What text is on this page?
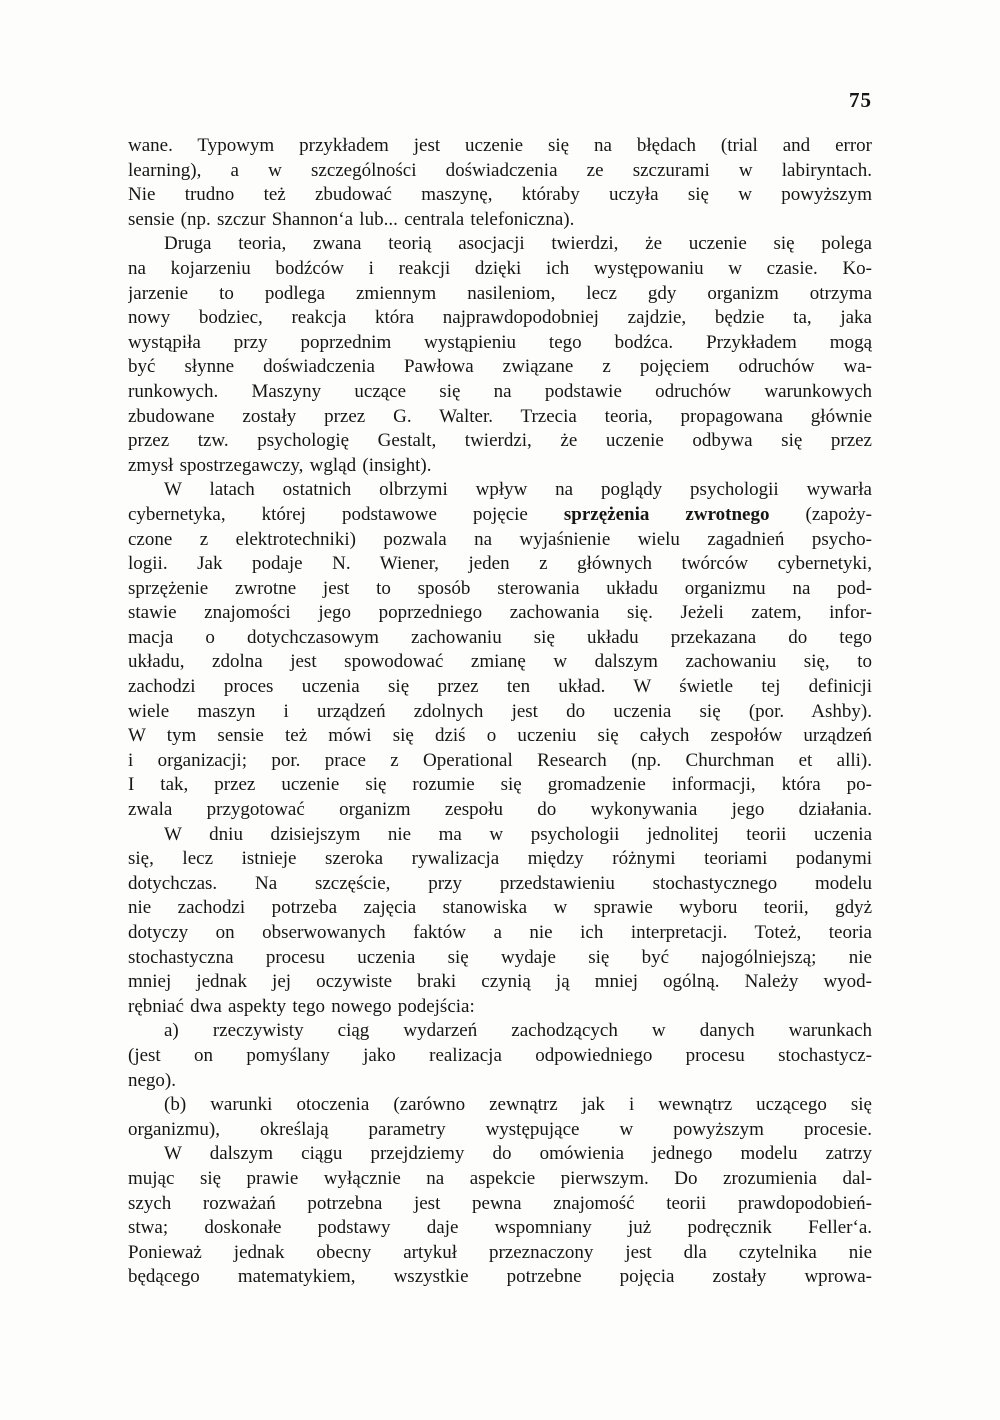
75
wane. Typowym przykładem jest uczenie się na błędach (trial and error
learning), a w szczególności doświadczenia ze szczurami w labiryntach.
Nie trudno też zbudować maszynę, któraby uczyła się w powyższym
sensie (np. szczur Shannon‘a lub... centrala telefoniczna).
Druga teoria, zwana teorią asocjacji twierdzi, że uczenie się polega
na kojarzeniu bodźców i reakcji dzięki ich występowaniu w czasie. Ko-
jarzenie to podlega zmiennym nasileniom, lecz gdy organizm otrzyma
nowy bodziec, reakcja która najprawdopodobniej zajdzie, będzie ta, jaka
wystąpiła przy poprzednim wystąpieniu tego bodźca. Przykładem mogą
być słynne doświadczenia Pawłowa związane z pojęciem odruchów wa-
runkowych. Maszyny uczące się na podstawie odruchów warunkowych
zbudowane zostały przez G. Walter. Trzecia teoria, propagowana głównie
przez tzw. psychologię Gestalt, twierdzi, że uczenie odbywa się przez
zmysł spostrzegawczy, wgląd (insight).
W latach ostatnich olbrzymi wpływ na poglądy psychologii wywarła
cybernetyka, której podstawowe pojęcie sprzężenia zwrotnego (zapoży-
czone z elektrotechniki) pozwala na wyjaśnienie wielu zagadnień psycho-
logii. Jak podaje N. Wiener, jeden z głównych twórców cybernetyki,
sprzężenie zwrotne jest to sposób sterowania układu organizmu na pod-
stawie znajomości jego poprzedniego zachowania się. Jeżeli zatem, infor-
macja o dotychczasowym zachowaniu się układu przekazana do tego
układu, zdolna jest spowodować zmianę w dalszym zachowaniu się, to
zachodzi proces uczenia się przez ten układ. W świetle tej definicji
wiele maszyn i urządzeń zdolnych jest do uczenia się (por. Ashby).
W tym sensie też mówi się dziś o uczeniu się całych zespołów urządzeń
i organizacji; por. prace z Operational Research (np. Churchman et alli).
I tak, przez uczenie się rozumie się gromadzenie informacji, która po-
zwala przygotować organizm zespołu do wykonywania jego działania.
W dniu dzisiejszym nie ma w psychologii jednolitej teorii uczenia
się, lecz istnieje szeroka rywalizacja między różnymi teoriami podanymi
dotychczas. Na szczęście, przy przedstawieniu stochastycznego modelu
nie zachodzi potrzeba zajęcia stanowiska w sprawie wyboru teorii, gdyż
dotyczy on obserwowanych faktów a nie ich interpretacji. Toteż, teoria
stochastyczna procesu uczenia się wydaje się być najogólniejszą; nie
mniej jednak jej oczywiste braki czynią ją mniej ogólną. Należy wyod-
rębniać dwa aspekty tego nowego podejścia:
a) rzeczywisty ciąg wydarzeń zachodzących w danych warunkach
(jest on pomyślany jako realizacja odpowiedniego procesu stochastycz-
nego).
(b) warunki otoczenia (zarówno zewnątrz jak i wewnątrz uczącego się
organizmu), określają parametry występujące w powyższym procesie.
W dalszym ciągu przejdziemy do omówienia jednego modelu zatrzy
mując się prawie wyłącznie na aspekcie pierwszym. Do zrozumienia dal-
szych rozważań potrzebna jest pewna znajomość teorii prawdopodobień-
stwa; doskonałe podstawy daje wspomniany już podręcznik Feller‘a.
Ponieważ jednak obecny artykuł przeznaczony jest dla czytelnika nie
będącego matematykiem, wszystkie potrzebne pojęcia zostały wprowa-
